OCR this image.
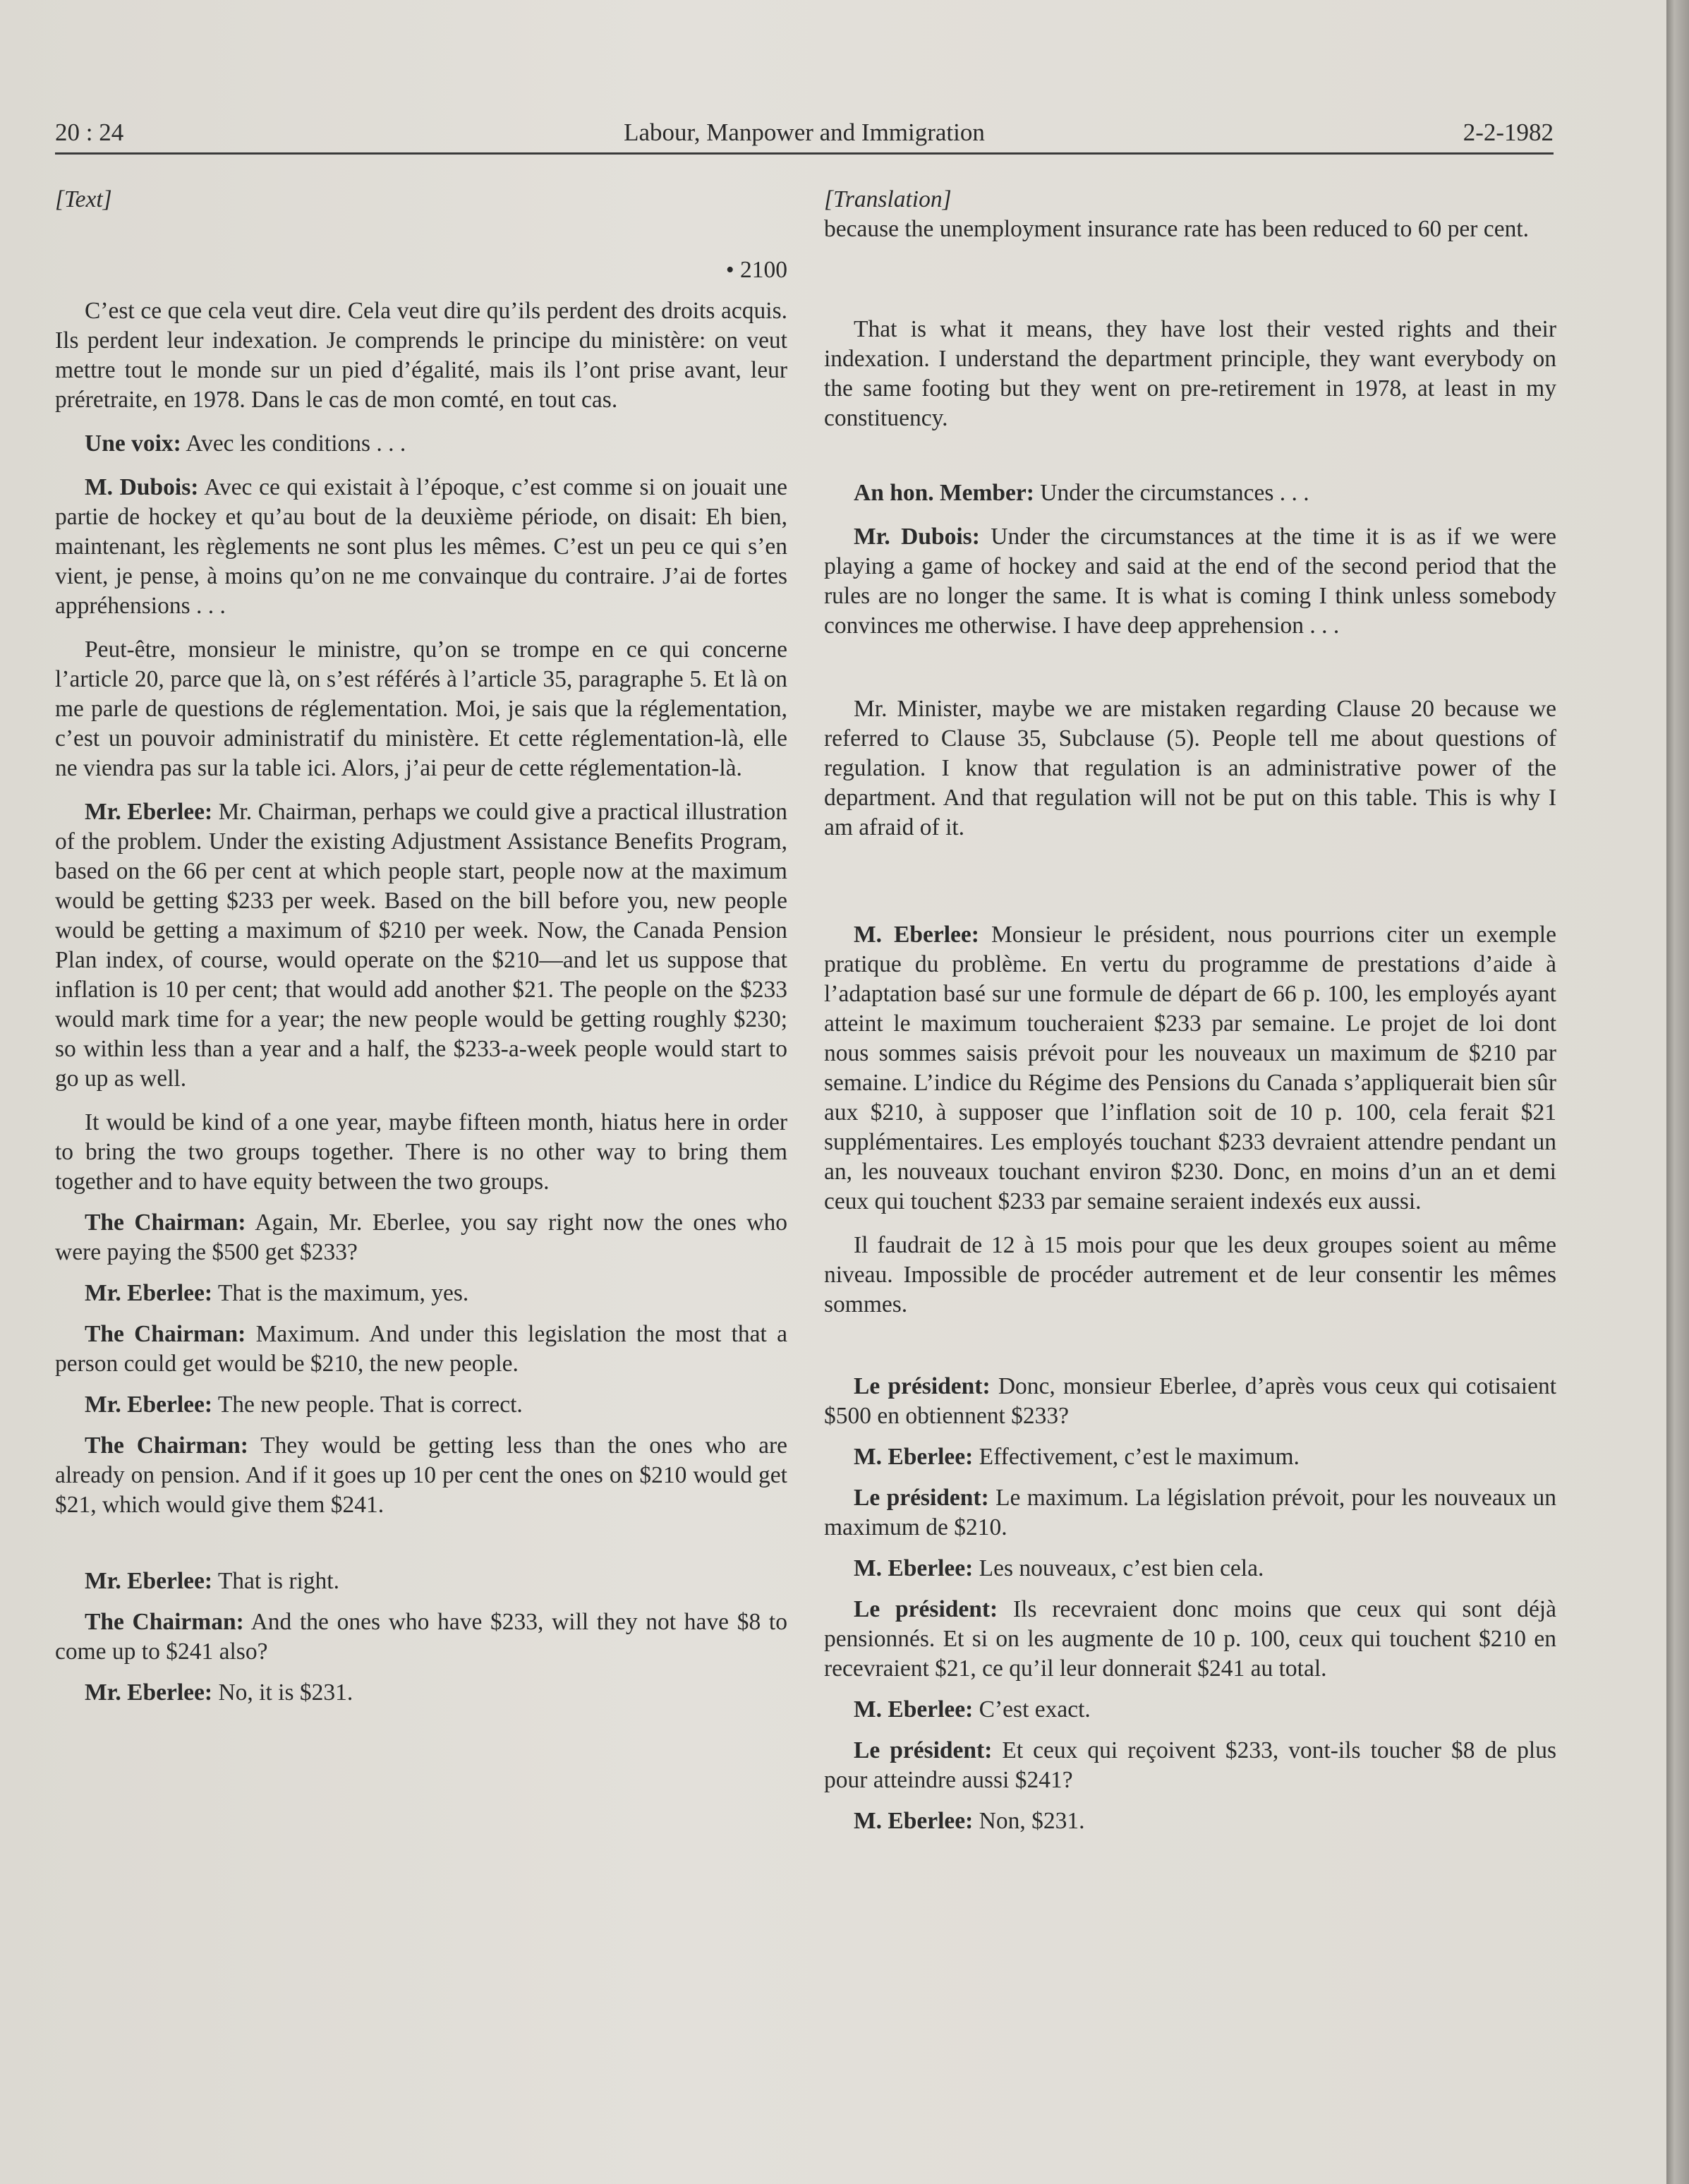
20 : 24	Labour, Manpower and Immigration	2-2-1982
[Text]
• 2100

C’est ce que cela veut dire. Cela veut dire qu’ils perdent des droits acquis. Ils perdent leur indexation. Je comprends le principe du ministère: on veut mettre tout le monde sur un pied d’égalité, mais ils l’ont prise avant, leur préretraite, en 1978. Dans le cas de mon comté, en tout cas.

Une voix: Avec les conditions . . .

M. Dubois: Avec ce qui existait à l’époque, c’est comme si on jouait une partie de hockey et qu’au bout de la deuxième période, on disait: Eh bien, maintenant, les règlements ne sont plus les mêmes. C’est un peu ce qui s’en vient, je pense, à moins qu’on ne me convainque du contraire. J’ai de fortes appréhensions . . .

Peut-être, monsieur le ministre, qu’on se trompe en ce qui concerne l’article 20, parce que là, on s’est référés à l’article 35, paragraphe 5. Et là on me parle de questions de réglementation. Moi, je sais que la réglementation, c’est un pouvoir administratif du ministère. Et cette réglementation-là, elle ne viendra pas sur la table ici. Alors, j’ai peur de cette réglementation-là.

Mr. Eberlee: Mr. Chairman, perhaps we could give a practical illustration of the problem. Under the existing Adjustment Assistance Benefits Program, based on the 66 per cent at which people start, people now at the maximum would be getting $233 per week. Based on the bill before you, new people would be getting a maximum of $210 per week. Now, the Canada Pension Plan index, of course, would operate on the $210—and let us suppose that inflation is 10 per cent; that would add another $21. The people on the $233 would mark time for a year; the new people would be getting roughly $230; so within less than a year and a half, the $233-a-week people would start to go up as well.

It would be kind of a one year, maybe fifteen month, hiatus here in order to bring the two groups together. There is no other way to bring them together and to have equity between the two groups.

The Chairman: Again, Mr. Eberlee, you say right now the ones who were paying the $500 get $233?

Mr. Eberlee: That is the maximum, yes.

The Chairman: Maximum. And under this legislation the most that a person could get would be $210, the new people.

Mr. Eberlee: The new people. That is correct.

The Chairman: They would be getting less than the ones who are already on pension. And if it goes up 10 per cent the ones on $210 would get $21, which would give them $241.

Mr. Eberlee: That is right.

The Chairman: And the ones who have $233, will they not have $8 to come up to $241 also?

Mr. Eberlee: No, it is $231.

[Translation]

because the unemployment insurance rate has been reduced to 60 per cent.

That is what it means, they have lost their vested rights and their indexation. I understand the department principle, they want everybody on the same footing but they went on pre-retirement in 1978, at least in my constituency.

An hon. Member: Under the circumstances . . .

Mr. Dubois: Under the circumstances at the time it is as if we were playing a game of hockey and said at the end of the second period that the rules are no longer the same. It is what is coming I think unless somebody convinces me otherwise. I have deep apprehension . . .

Mr. Minister, maybe we are mistaken regarding Clause 20 because we referred to Clause 35, Subclause (5). People tell me about questions of regulation. I know that regulation is an administrative power of the department. And that regulation will not be put on this table. This is why I am afraid of it.

M. Eberlee: Monsieur le président, nous pourrions citer un exemple pratique du problème. En vertu du programme de prestations d’aide à l’adaptation basé sur une formule de départ de 66 p. 100, les employés ayant atteint le maximum toucheraient $233 par semaine. Le projet de loi dont nous sommes saisis prévoit pour les nouveaux un maximum de $210 par semaine. L’indice du Régime des Pensions du Canada s’appliquerait bien sûr aux $210, à supposer que l’inflation soit de 10 p. 100, cela ferait $21 supplémentaires. Les employés touchant $233 devraient attendre pendant un an, les nouveaux touchant environ $230. Donc, en moins d’un an et demi ceux qui touchent $233 par semaine seraient indexés eux aussi.

Il faudrait de 12 à 15 mois pour que les deux groupes soient au même niveau. Impossible de procéder autrement et de leur consentir les mêmes sommes.

Le président: Donc, monsieur Eberlee, d’après vous ceux qui cotisaient $500 en obtiennent $233?

M. Eberlee: Effectivement, c’est le maximum.

Le président: Le maximum. La législation prévoit, pour les nouveaux un maximum de $210.

M. Eberlee: Les nouveaux, c’est bien cela.

Le président: Ils recevraient donc moins que ceux qui sont déjà pensionnés. Et si on les augmente de 10 p. 100, ceux qui touchent $210 en recevraient $21, ce qu’il leur donnerait $241 au total.

M. Eberlee: C’est exact.

Le président: Et ceux qui reçoivent $233, vont-ils toucher $8 de plus pour atteindre aussi $241?

M. Eberlee: Non, $231.
